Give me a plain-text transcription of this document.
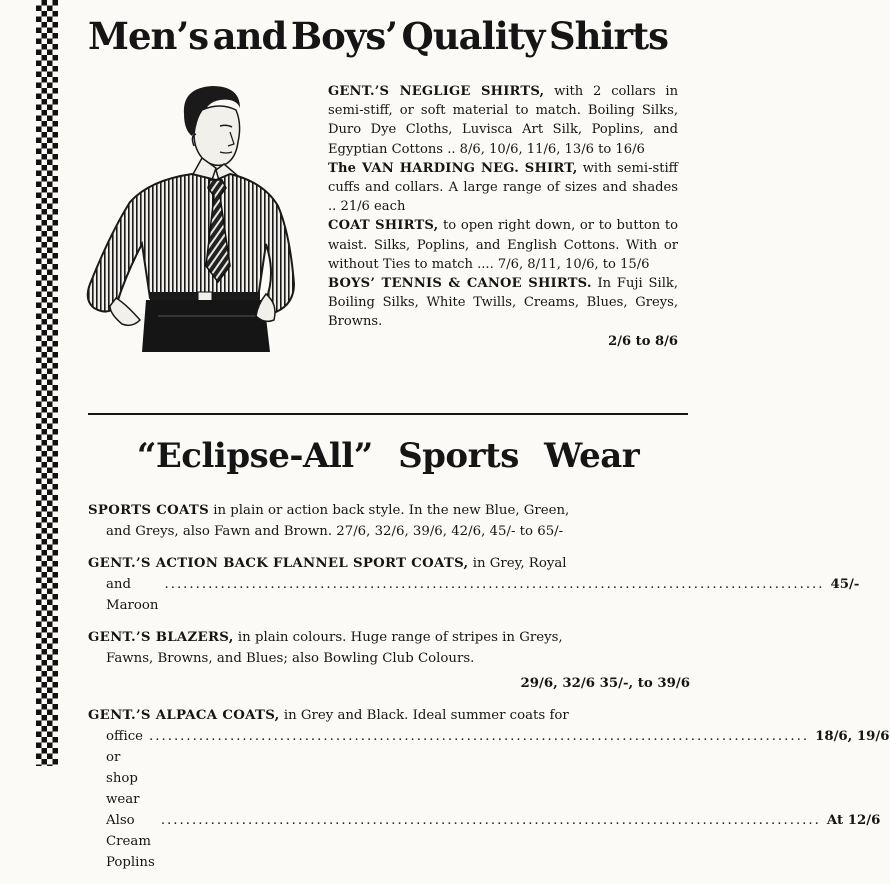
Men’s and Boys’ Quality Shirts

GENT.’S NEGLIGE SHIRTS, with 2 collars in semi-stiff, or soft material to match. Boiling Silks, Duro Dye Cloths, Luvisca Art Silk, Poplins, and Egyptian Cottons .. 8/6, 10/6, 11/6, 13/6 to 16/6

The VAN HARDING NEG. SHIRT, with semi-stiff cuffs and collars. A large range of sizes and shades .. 21/6 each

COAT SHIRTS, to open right down, or to button to waist. Silks, Poplins, and English Cottons. With or without Ties to match .... 7/6, 8/11, 10/6, to 15/6

BOYS’ TENNIS & CANOE SHIRTS. In Fuji Silk, Boiling Silks, White Twills, Creams, Blues, Greys, Browns.

2/6 to 8/6

“Eclipse-All” Sports Wear
SPORTS COATS in plain or action back style. In the new Blue, Green,
and Greys, also Fawn and Brown. 27/6, 32/6, 39/6, 42/6, 45/- to 65/-
GENT.’S ACTION BACK FLANNEL SPORT COATS, in Grey, Royal
and Maroon
.......................................................................................................... 45/-
GENT.’S BLAZERS, in plain colours. Huge range of stripes in Greys,
Fawns, Browns, and Blues; also Bowling Club Colours.
29/6, 32/6 35/-, to 39/6
GENT.’S ALPACA COATS, in Grey and Black. Ideal summer coats for
office or shop wear
.......................................................................................................... 18/6, 19/6
Also Cream Poplins
.......................................................................................................... At 12/6
